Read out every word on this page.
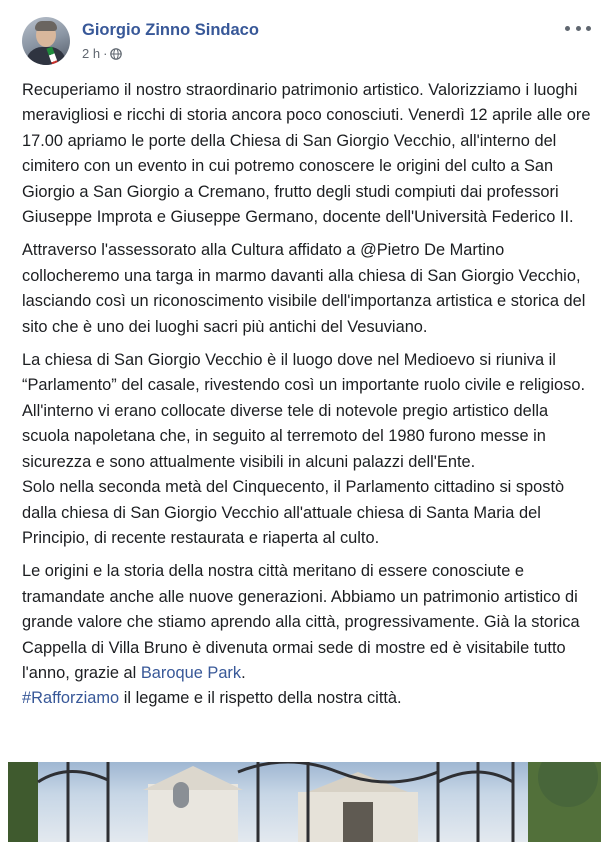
Giorgio Zinno Sindaco
2 h ·

Recuperiamo il nostro straordinario patrimonio artistico. Valorizziamo i luoghi meravigliosi e ricchi di storia ancora poco conosciuti. Venerdì 12 aprile alle ore 17.00 apriamo le porte della Chiesa di San Giorgio Vecchio, all'interno del cimitero con un evento in cui potremo conoscere le origini del culto a San Giorgio a San Giorgio a Cremano, frutto degli studi compiuti dai professori Giuseppe Improta e Giuseppe Germano, docente dell'Università Federico II.

Attraverso l'assessorato alla Cultura affidato a @Pietro De Martino collocheremo una targa in marmo davanti alla chiesa di San Giorgio Vecchio, lasciando così un riconoscimento visibile dell'importanza artistica e storica del sito che è uno dei luoghi sacri più antichi del Vesuviano.

La chiesa di San Giorgio Vecchio è il luogo dove nel Medioevo si riuniva il “Parlamento” del casale, rivestendo così un importante ruolo civile e religioso. All'interno vi erano collocate diverse tele di notevole pregio artistico della scuola napoletana che, in seguito al terremoto del 1980 furono messe in sicurezza e sono attualmente visibili in alcuni palazzi dell'Ente.
Solo nella seconda metà del Cinquecento, il Parlamento cittadino si spostò dalla chiesa di San Giorgio Vecchio all'attuale chiesa di Santa Maria del Principio, di recente restaurata e riaperta al culto.

Le origini e la storia della nostra città meritano di essere conosciute e tramandate anche alle nuove generazioni. Abbiamo un patrimonio artistico di grande valore che stiamo aprendo alla città, progressivamente. Già la storica Cappella di Villa Bruno è divenuta ormai sede di mostre ed è visitabile tutto l'anno, grazie al Baroque Park.
#Rafforziamo il legame e il rispetto della nostra città.
